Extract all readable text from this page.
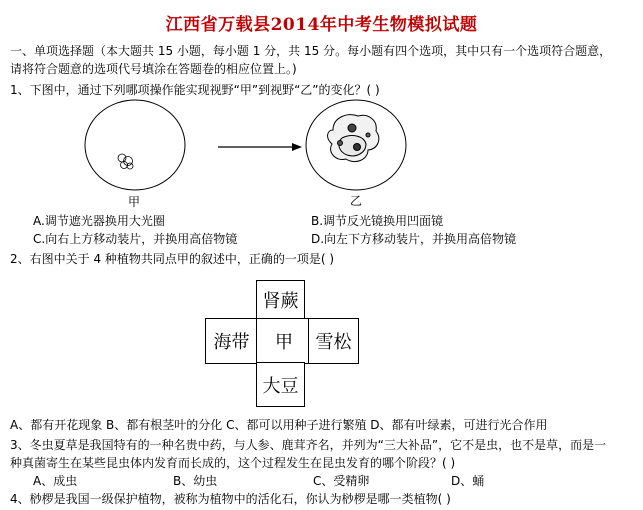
江西省万载县2014年中考生物模拟试题
一、单项选择题（本大题共 15 小题，每小题 1 分，共 15 分。每小题有四个选项，其中只有一个选项符合题意，
请将符合题意的选项代号填涂在答题卷的相应位置上。)
1、下图中，通过下列哪项操作能实现视野“甲”到视野“乙”的变化？( )
甲	乙
A.调节遮光器换用大光圈	B.调节反光镜换用凹面镜
C.向右上方移动装片，并换用高倍物镜	D.向左下方移动装片，并换用高倍物镜
2、右图中关于 4 种植物共同点甲的叙述中，正确的一项是( )
肾蕨
海带	甲	雪松
大豆
A、都有开花现象 B、都有根茎叶的分化 C、都可以用种子进行繁殖 D、都有叶绿素，可进行光合作用
3、冬虫夏草是我国特有的一种名贵中药，与人参、鹿茸齐名，并列为“三大补品”，它不是虫，也不是草，而是一
种真菌寄生在某些昆虫体内发育而长成的，这个过程发生在昆虫发育的哪个阶段？( )
A、成虫	B、幼虫	C、受精卵	D、蛹
4、桫椤是我国一级保护植物，被称为植物中的活化石，你认为桫椤是哪一类植物( )
